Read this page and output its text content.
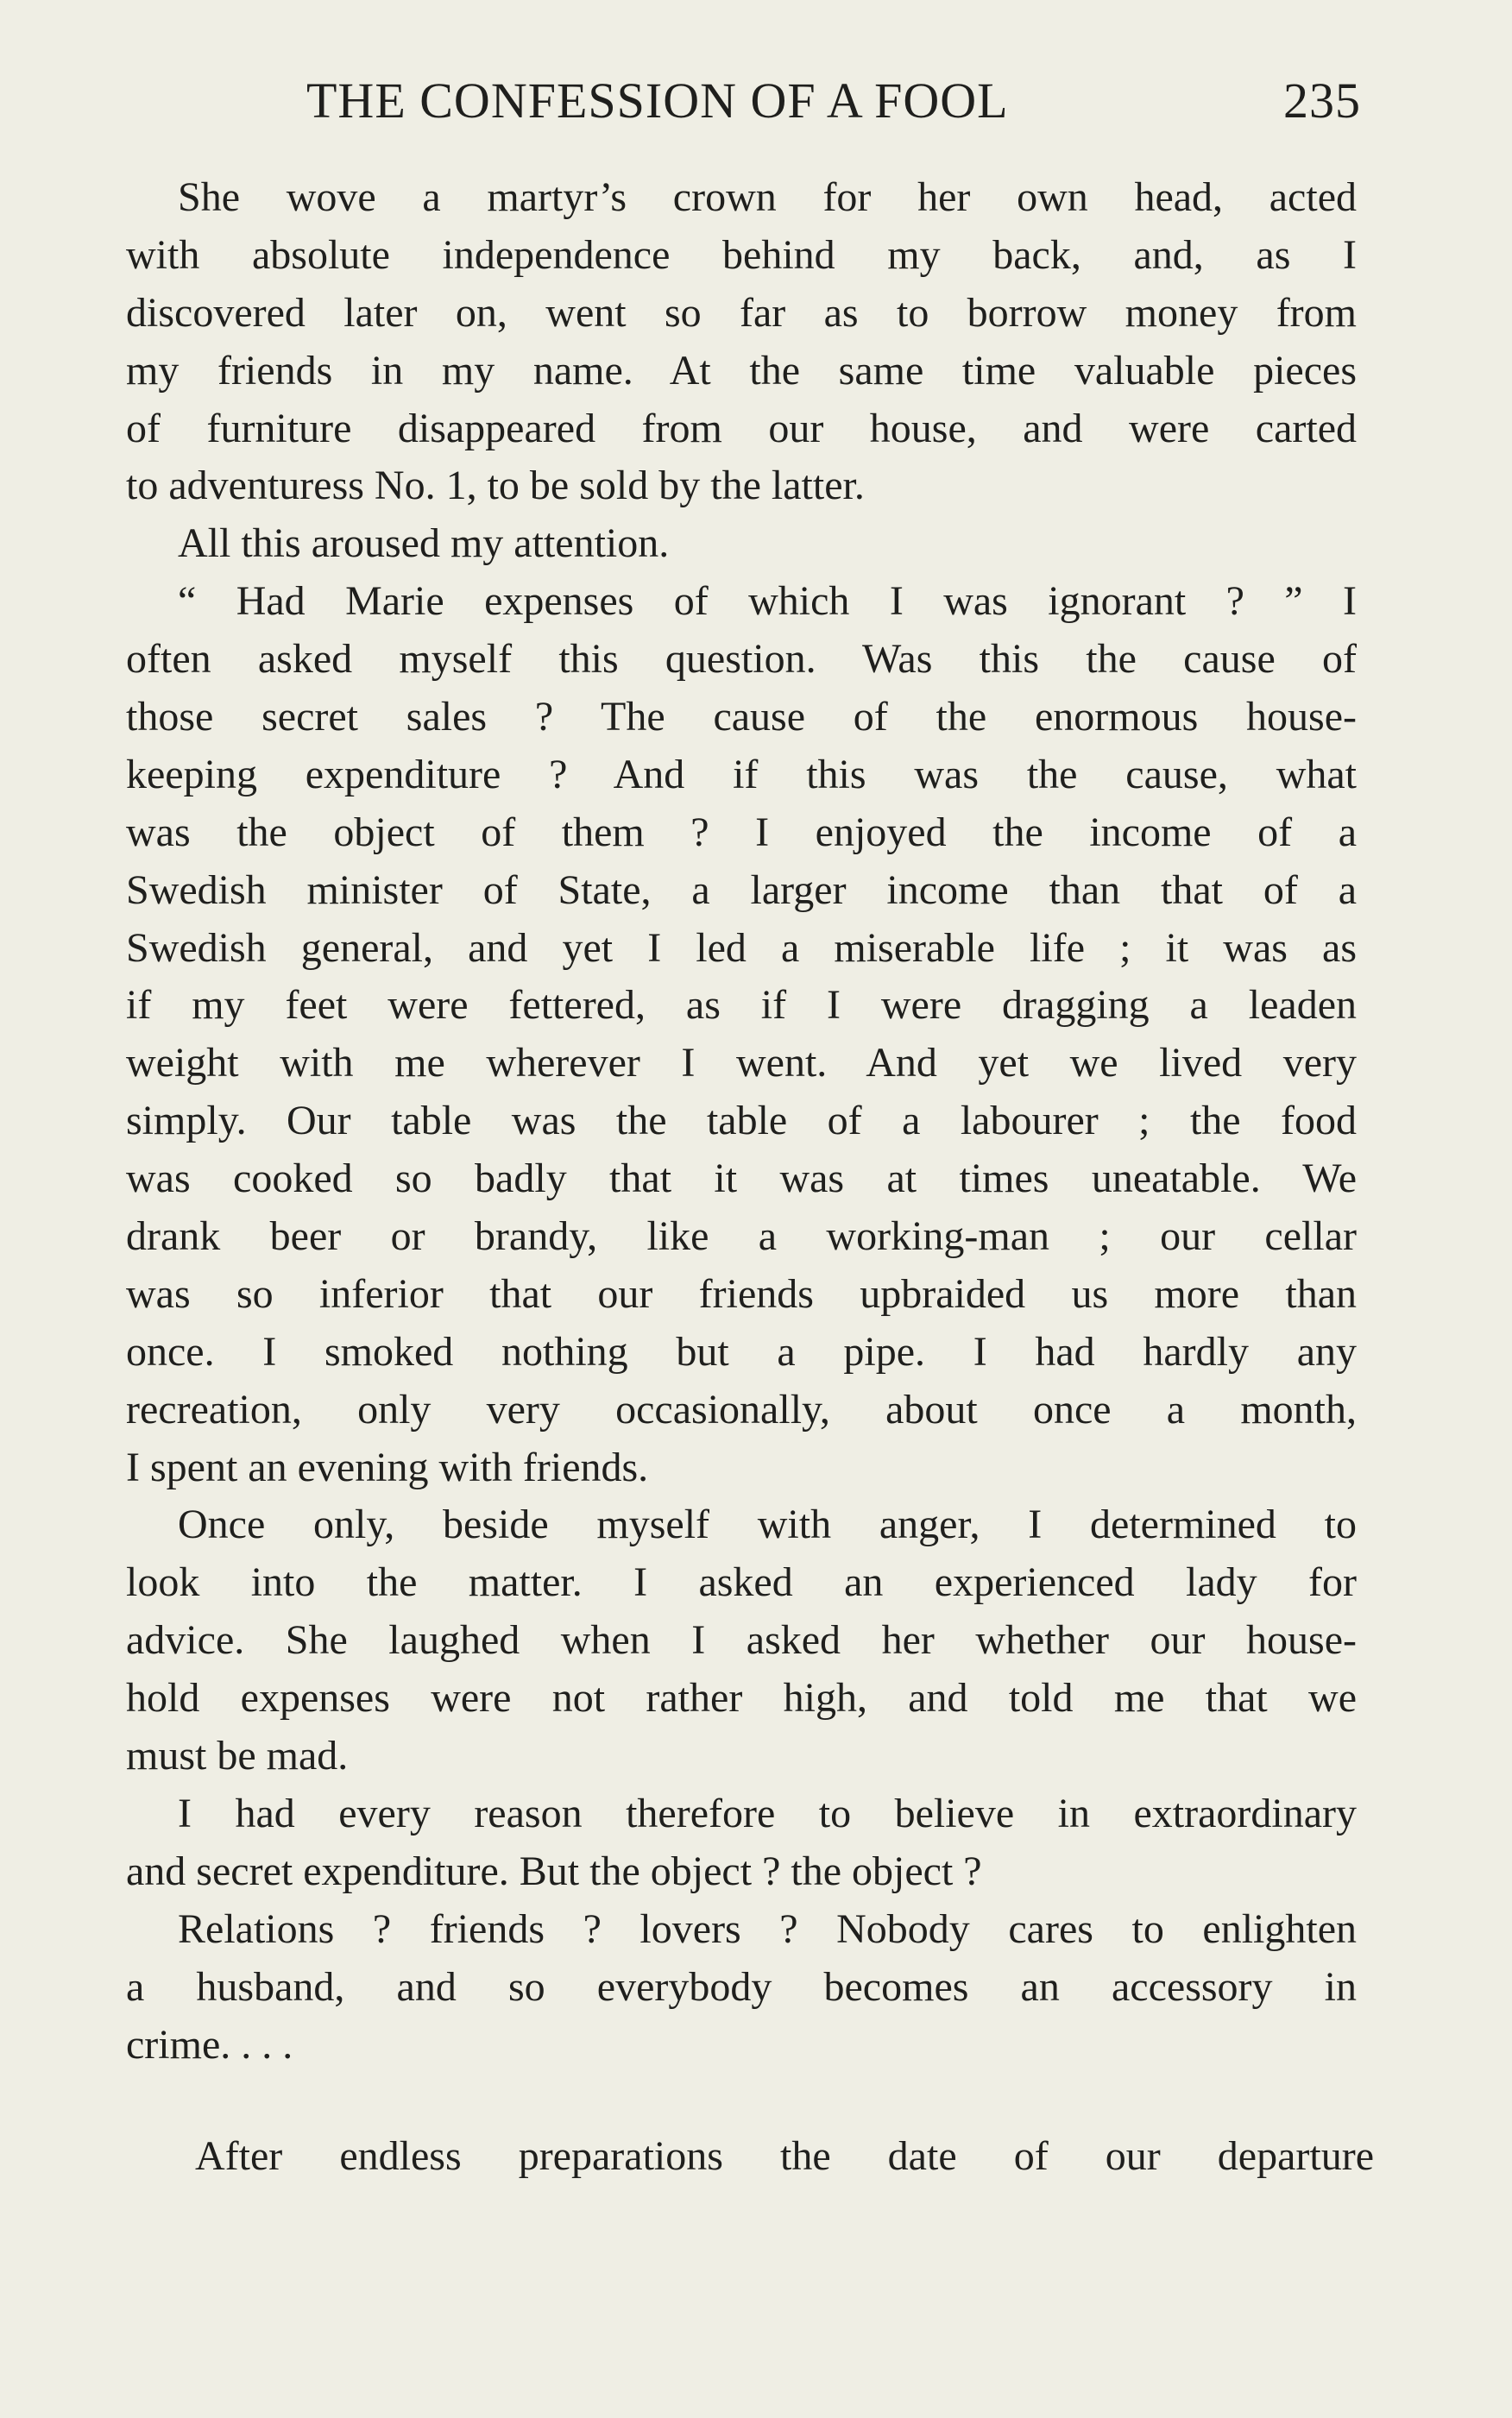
THE CONFESSION OF A FOOL	235
She wove a martyr’s crown for her own head, acted
with absolute independence behind my back, and, as I
discovered later on, went so far as to borrow money from
my friends in my name. At the same time valuable pieces
of furniture disappeared from our house, and were carted
to adventuress No. 1, to be sold by the latter.
All this aroused my attention.
“ Had Marie expenses of which I was ignorant ? ” I
often asked myself this question. Was this the cause of
those secret sales ? The cause of the enormous house-
keeping expenditure ? And if this was the cause, what
was the object of them ? I enjoyed the income of a
Swedish minister of State, a larger income than that of a
Swedish general, and yet I led a miserable life ; it was as
if my feet were fettered, as if I were dragging a leaden
weight with me wherever I went. And yet we lived very
simply. Our table was the table of a labourer ; the food
was cooked so badly that it was at times uneatable. We
drank beer or brandy, like a working-man ; our cellar
was so inferior that our friends upbraided us more than
once. I smoked nothing but a pipe. I had hardly any
recreation, only very occasionally, about once a month,
I spent an evening with friends.
Once only, beside myself with anger, I determined to
look into the matter. I asked an experienced lady for
advice. She laughed when I asked her whether our house-
hold expenses were not rather high, and told me that we
must be mad.
I had every reason therefore to believe in extraordinary
and secret expenditure. But the object ? the object ?
Relations ? friends ? lovers ? Nobody cares to enlighten
a husband, and so everybody becomes an accessory in
crime. . . .
After endless preparations the date of our departure
